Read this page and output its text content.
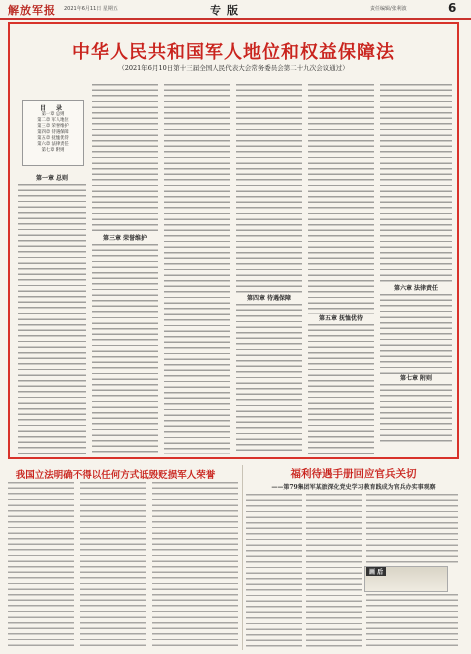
解放军报 2021年6月11日 星期五	专版	责任编辑/张利波	6
中华人民共和国军人地位和权益保障法
（2021年6月10日第十三届全国人民代表大会常务委员会第二十九次会议通过）
目 录
第一章 总则
第二章 军人地位
第三章 荣誉维护
第四章 待遇保障
第五章 抚恤优待
第六章 法律责任
第七章 附则
第一章 总则
第三章 荣誉维护
第四章 待遇保障
第五章 抚恤优待
第六章 法律责任
第七章 附则
我国立法明确不得以任何方式诋毁贬损军人荣誉	福利待遇手册回应官兵关切
——第79集团军某旅深化党史学习教育践成为官兵办实事观察
画 后
